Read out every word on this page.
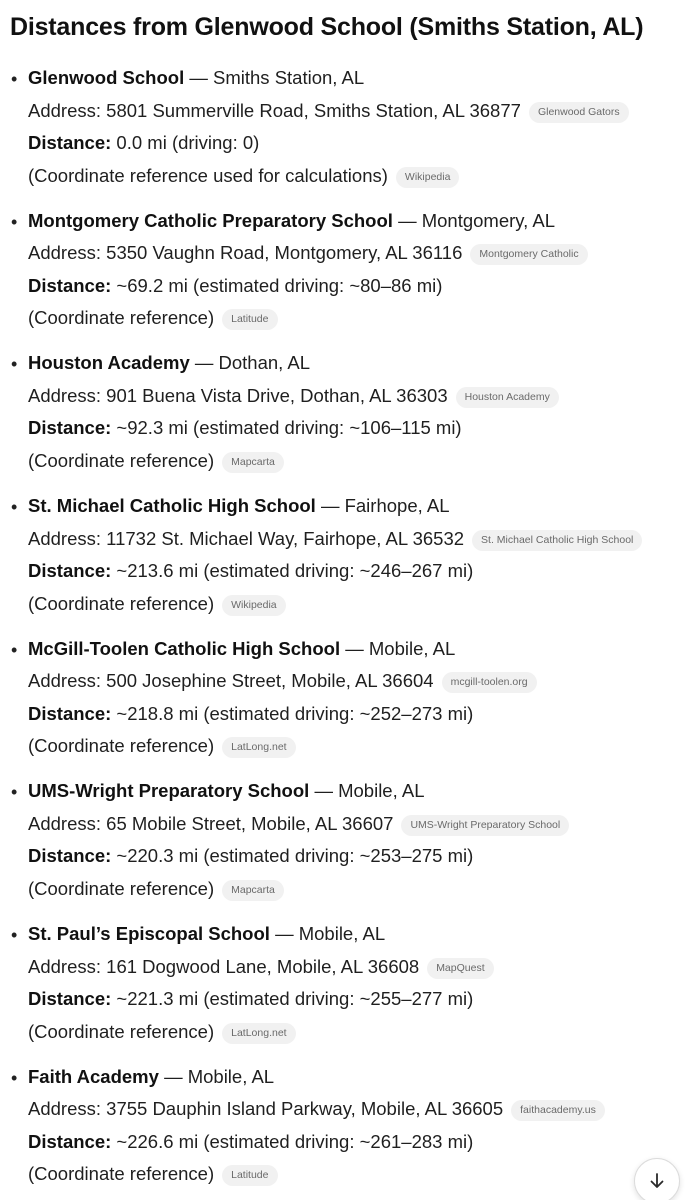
Distances from Glenwood School (Smiths Station, AL)
• Glenwood School — Smiths Station, AL
Address: 5801 Summerville Road, Smiths Station, AL 36877 Glenwood Gators
Distance: 0.0 mi (driving: 0)
(Coordinate reference used for calculations) Wikipedia
• Montgomery Catholic Preparatory School — Montgomery, AL
Address: 5350 Vaughn Road, Montgomery, AL 36116 Montgomery Catholic
Distance: ~69.2 mi (estimated driving: ~80–86 mi)
(Coordinate reference) Latitude
• Houston Academy — Dothan, AL
Address: 901 Buena Vista Drive, Dothan, AL 36303 Houston Academy
Distance: ~92.3 mi (estimated driving: ~106–115 mi)
(Coordinate reference) Mapcarta
• St. Michael Catholic High School — Fairhope, AL
Address: 11732 St. Michael Way, Fairhope, AL 36532 St. Michael Catholic High School
Distance: ~213.6 mi (estimated driving: ~246–267 mi)
(Coordinate reference) Wikipedia
• McGill-Toolen Catholic High School — Mobile, AL
Address: 500 Josephine Street, Mobile, AL 36604 mcgill-toolen.org
Distance: ~218.8 mi (estimated driving: ~252–273 mi)
(Coordinate reference) LatLong.net
• UMS-Wright Preparatory School — Mobile, AL
Address: 65 Mobile Street, Mobile, AL 36607 UMS-Wright Preparatory School
Distance: ~220.3 mi (estimated driving: ~253–275 mi)
(Coordinate reference) Mapcarta
• St. Paul’s Episcopal School — Mobile, AL
Address: 161 Dogwood Lane, Mobile, AL 36608 MapQuest
Distance: ~221.3 mi (estimated driving: ~255–277 mi)
(Coordinate reference) LatLong.net
• Faith Academy — Mobile, AL
Address: 3755 Dauphin Island Parkway, Mobile, AL 36605 faithacademy.us
Distance: ~226.6 mi (estimated driving: ~261–283 mi)
(Coordinate reference) Latitude
